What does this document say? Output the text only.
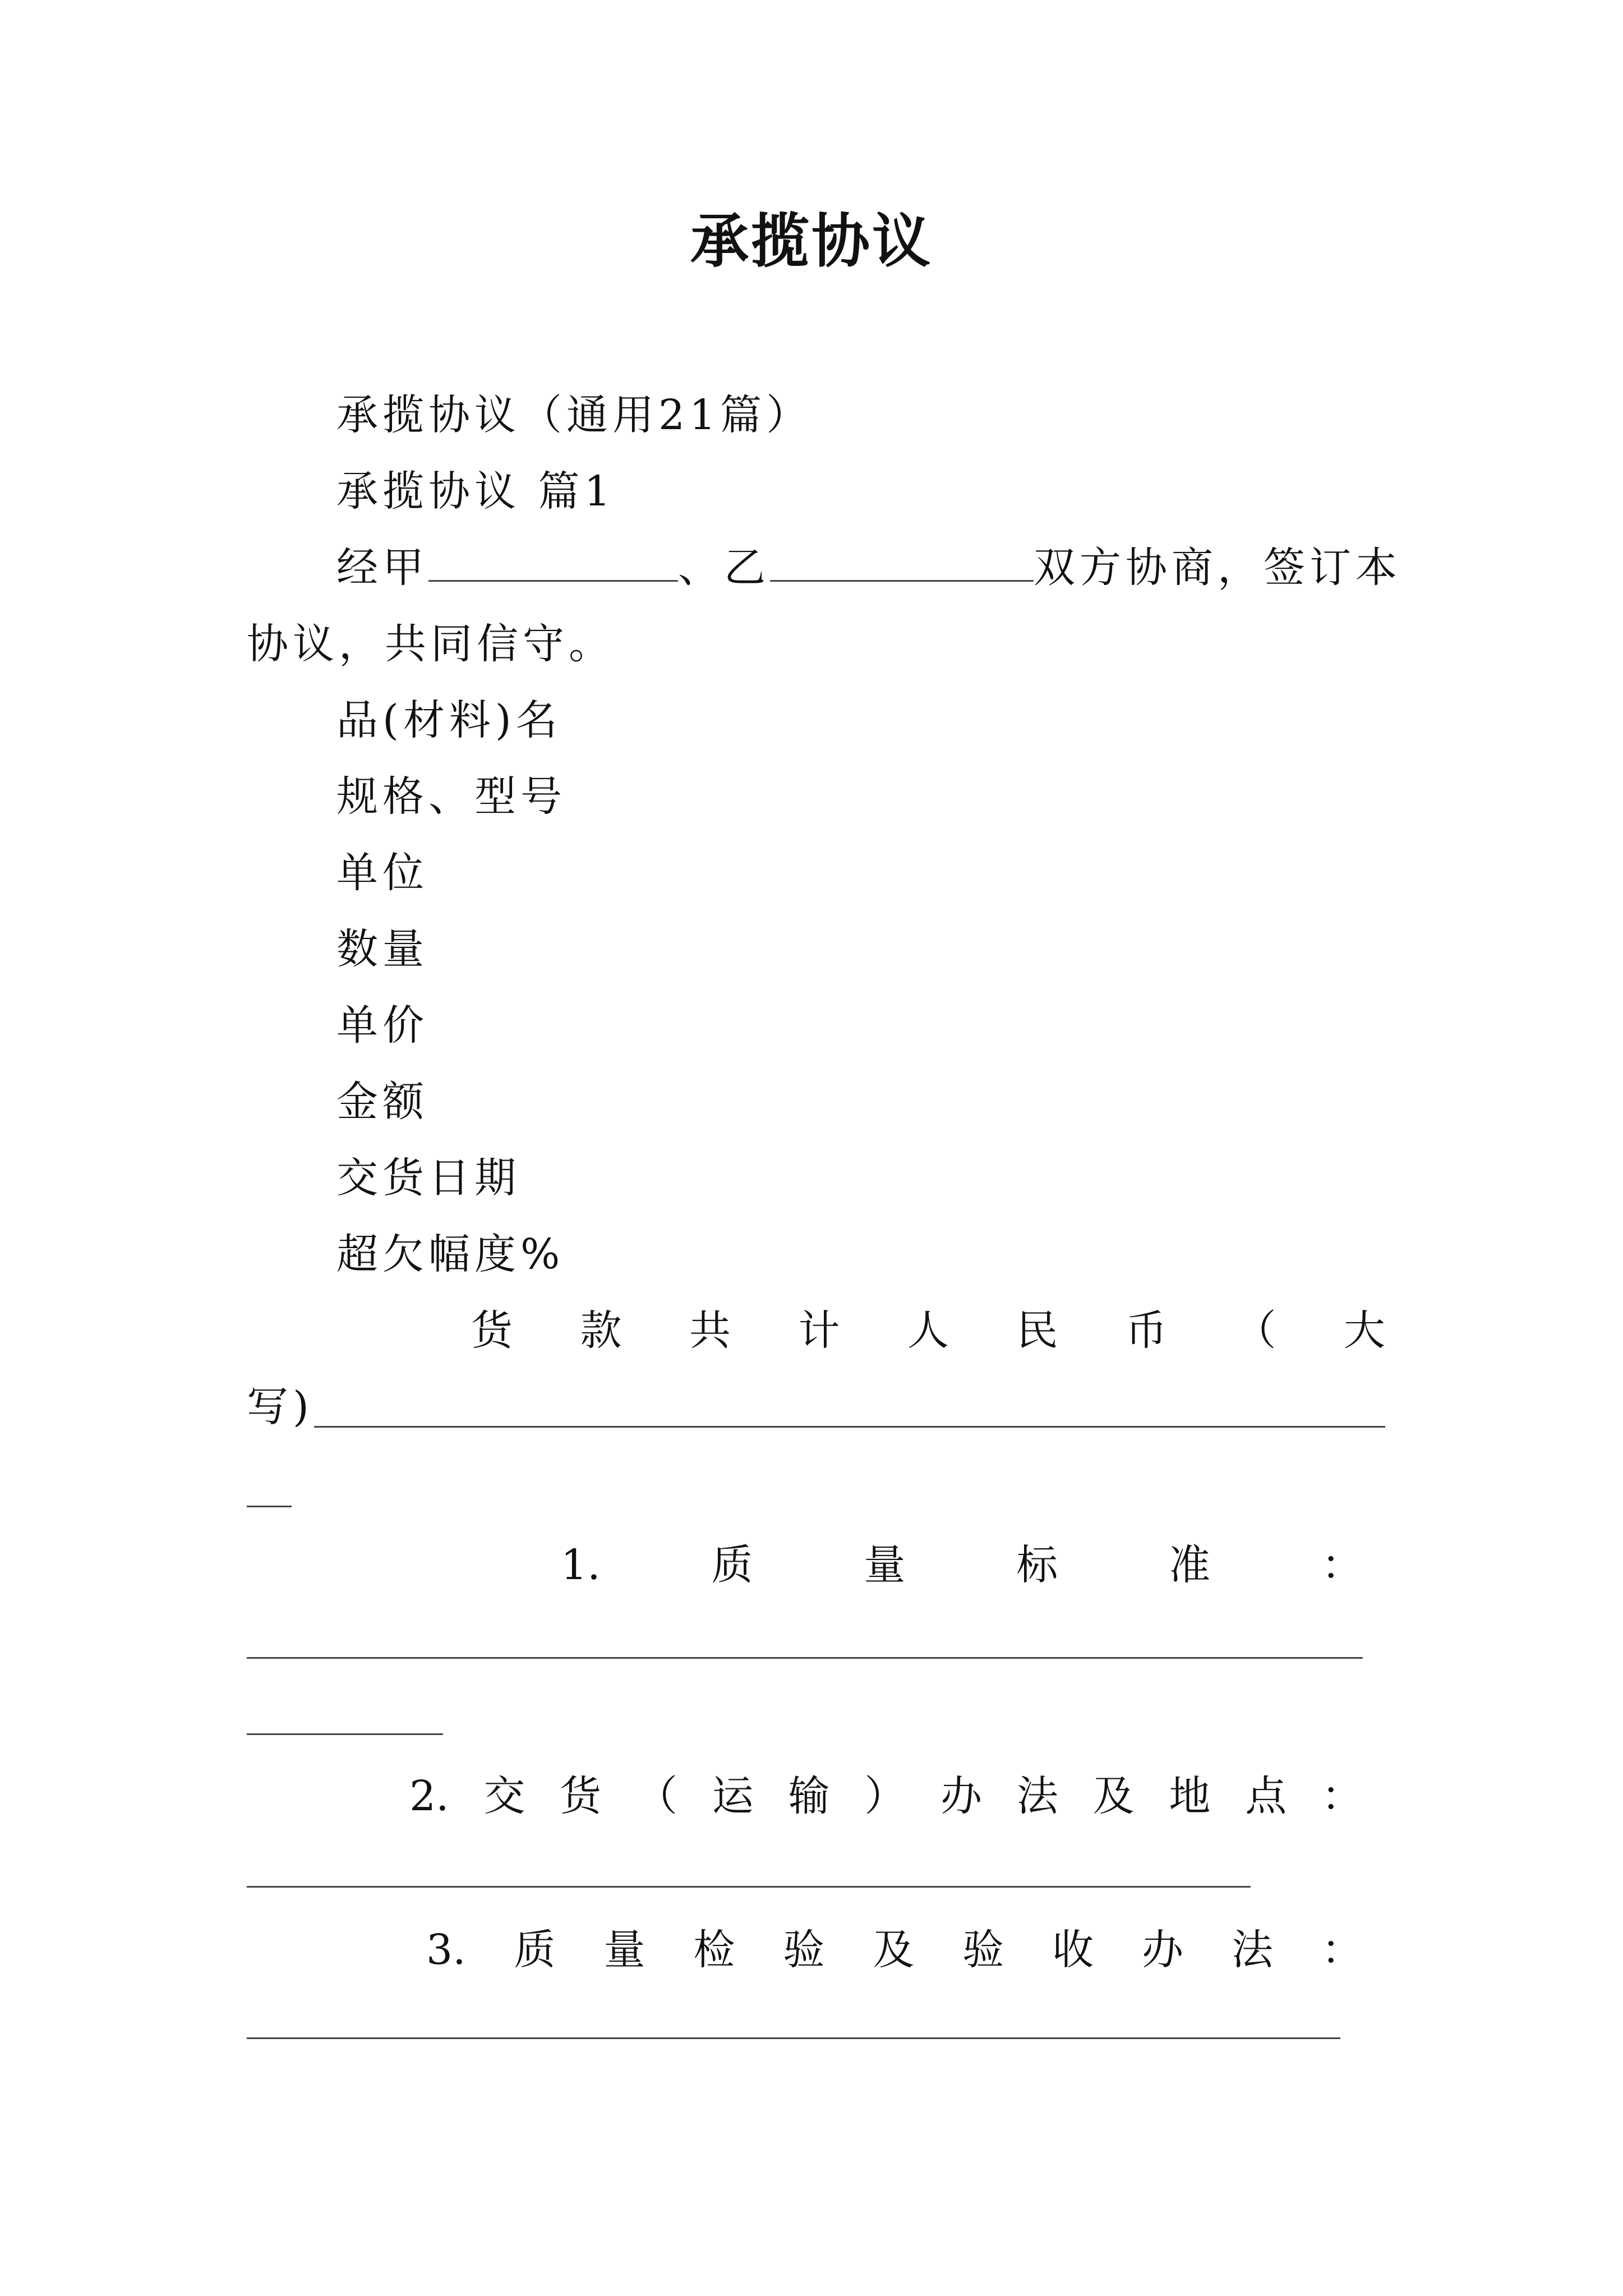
承揽协议
承揽协议（通用21篇）
承揽协议 篇1
经甲	、乙	双方协商，签订本
协议，共同信守。
品(材料)名
规格、型号
单位
数量
单价
金额
交货日期
超欠幅度%
货 款 共 计 人 民 币 （ 大
写)
1.	质	量	标	准	：
2. 交 货 （ 运 输 ） 办 法 及 地 点 ：
3. 质 量 检 验 及 验 收 办 法 ：
